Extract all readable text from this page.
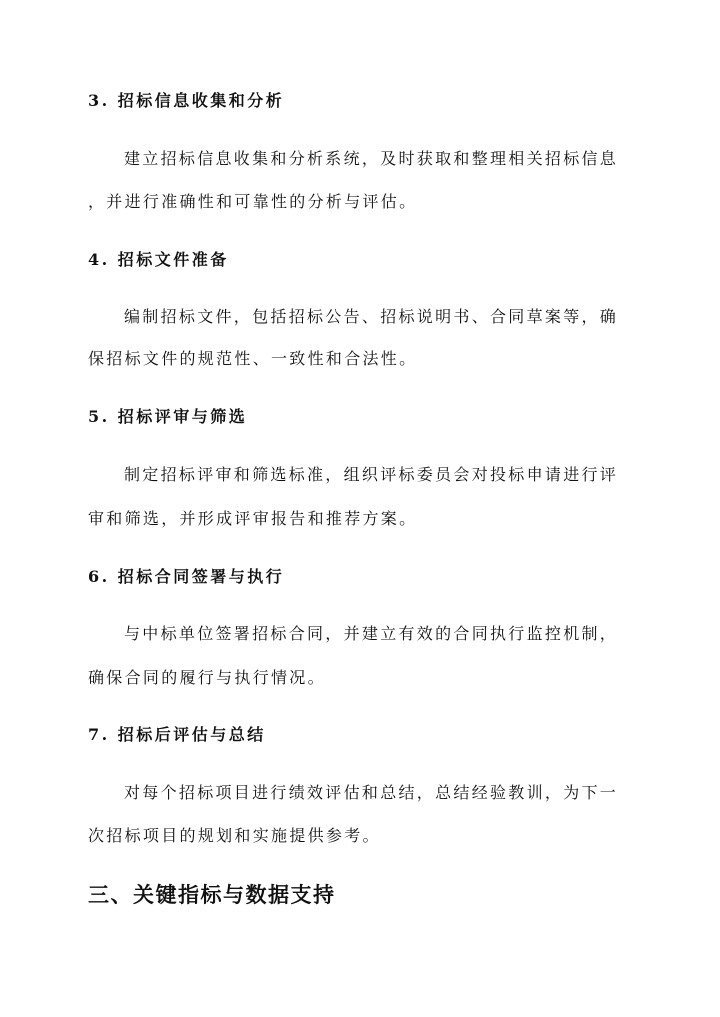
3. 招标信息收集和分析
建立招标信息收集和分析系统，及时获取和整理相关招标信息
，并进行准确性和可靠性的分析与评估。
4. 招标文件准备
编制招标文件，包括招标公告、招标说明书、合同草案等，确
保招标文件的规范性、一致性和合法性。
5. 招标评审与筛选
制定招标评审和筛选标准，组织评标委员会对投标申请进行评
审和筛选，并形成评审报告和推荐方案。
6. 招标合同签署与执行
与中标单位签署招标合同，并建立有效的合同执行监控机制，
确保合同的履行与执行情况。
7. 招标后评估与总结
对每个招标项目进行绩效评估和总结，总结经验教训，为下一
次招标项目的规划和实施提供参考。
三、关键指标与数据支持
